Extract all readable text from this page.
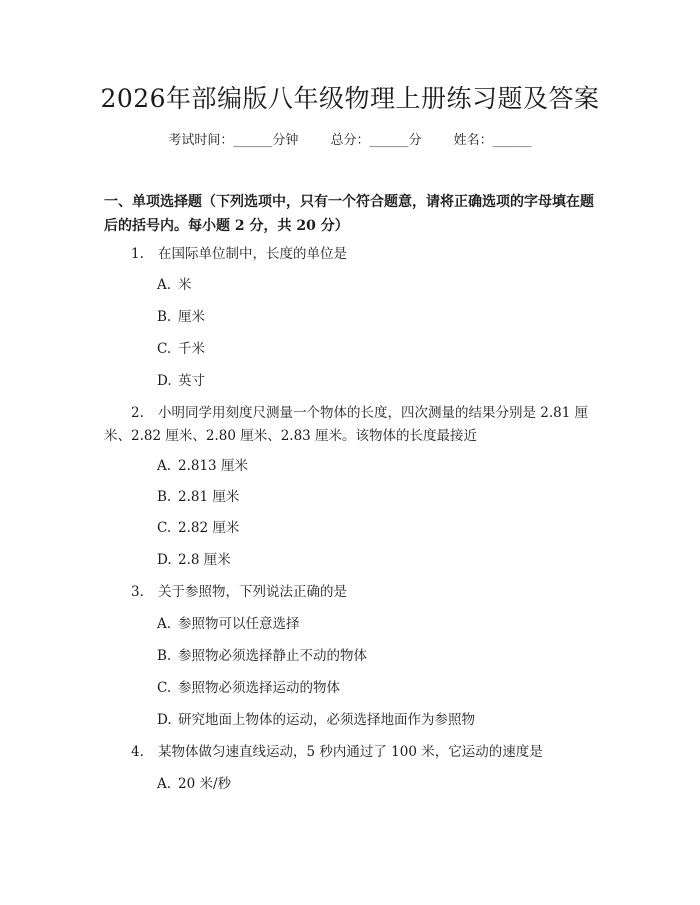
2026年部编版八年级物理上册练习题及答案
考试时间：______分钟 总分：______分 姓名：______
一、单项选择题（下列选项中，只有一个符合题意，请将正确选项的字母填在题
后的括号内。每小题 2 分，共 20 分）
1. 在国际单位制中，长度的单位是
A. 米
B. 厘米
C. 千米
D. 英寸
2. 小明同学用刻度尺测量一个物体的长度，四次测量的结果分别是 2.81 厘
米、2.82 厘米、2.80 厘米、2.83 厘米。该物体的长度最接近
A. 2.813 厘米
B. 2.81 厘米
C. 2.82 厘米
D. 2.8 厘米
3. 关于参照物，下列说法正确的是
A. 参照物可以任意选择
B. 参照物必须选择静止不动的物体
C. 参照物必须选择运动的物体
D. 研究地面上物体的运动，必须选择地面作为参照物
4. 某物体做匀速直线运动，5 秒内通过了 100 米，它运动的速度是
A. 20 米/秒
